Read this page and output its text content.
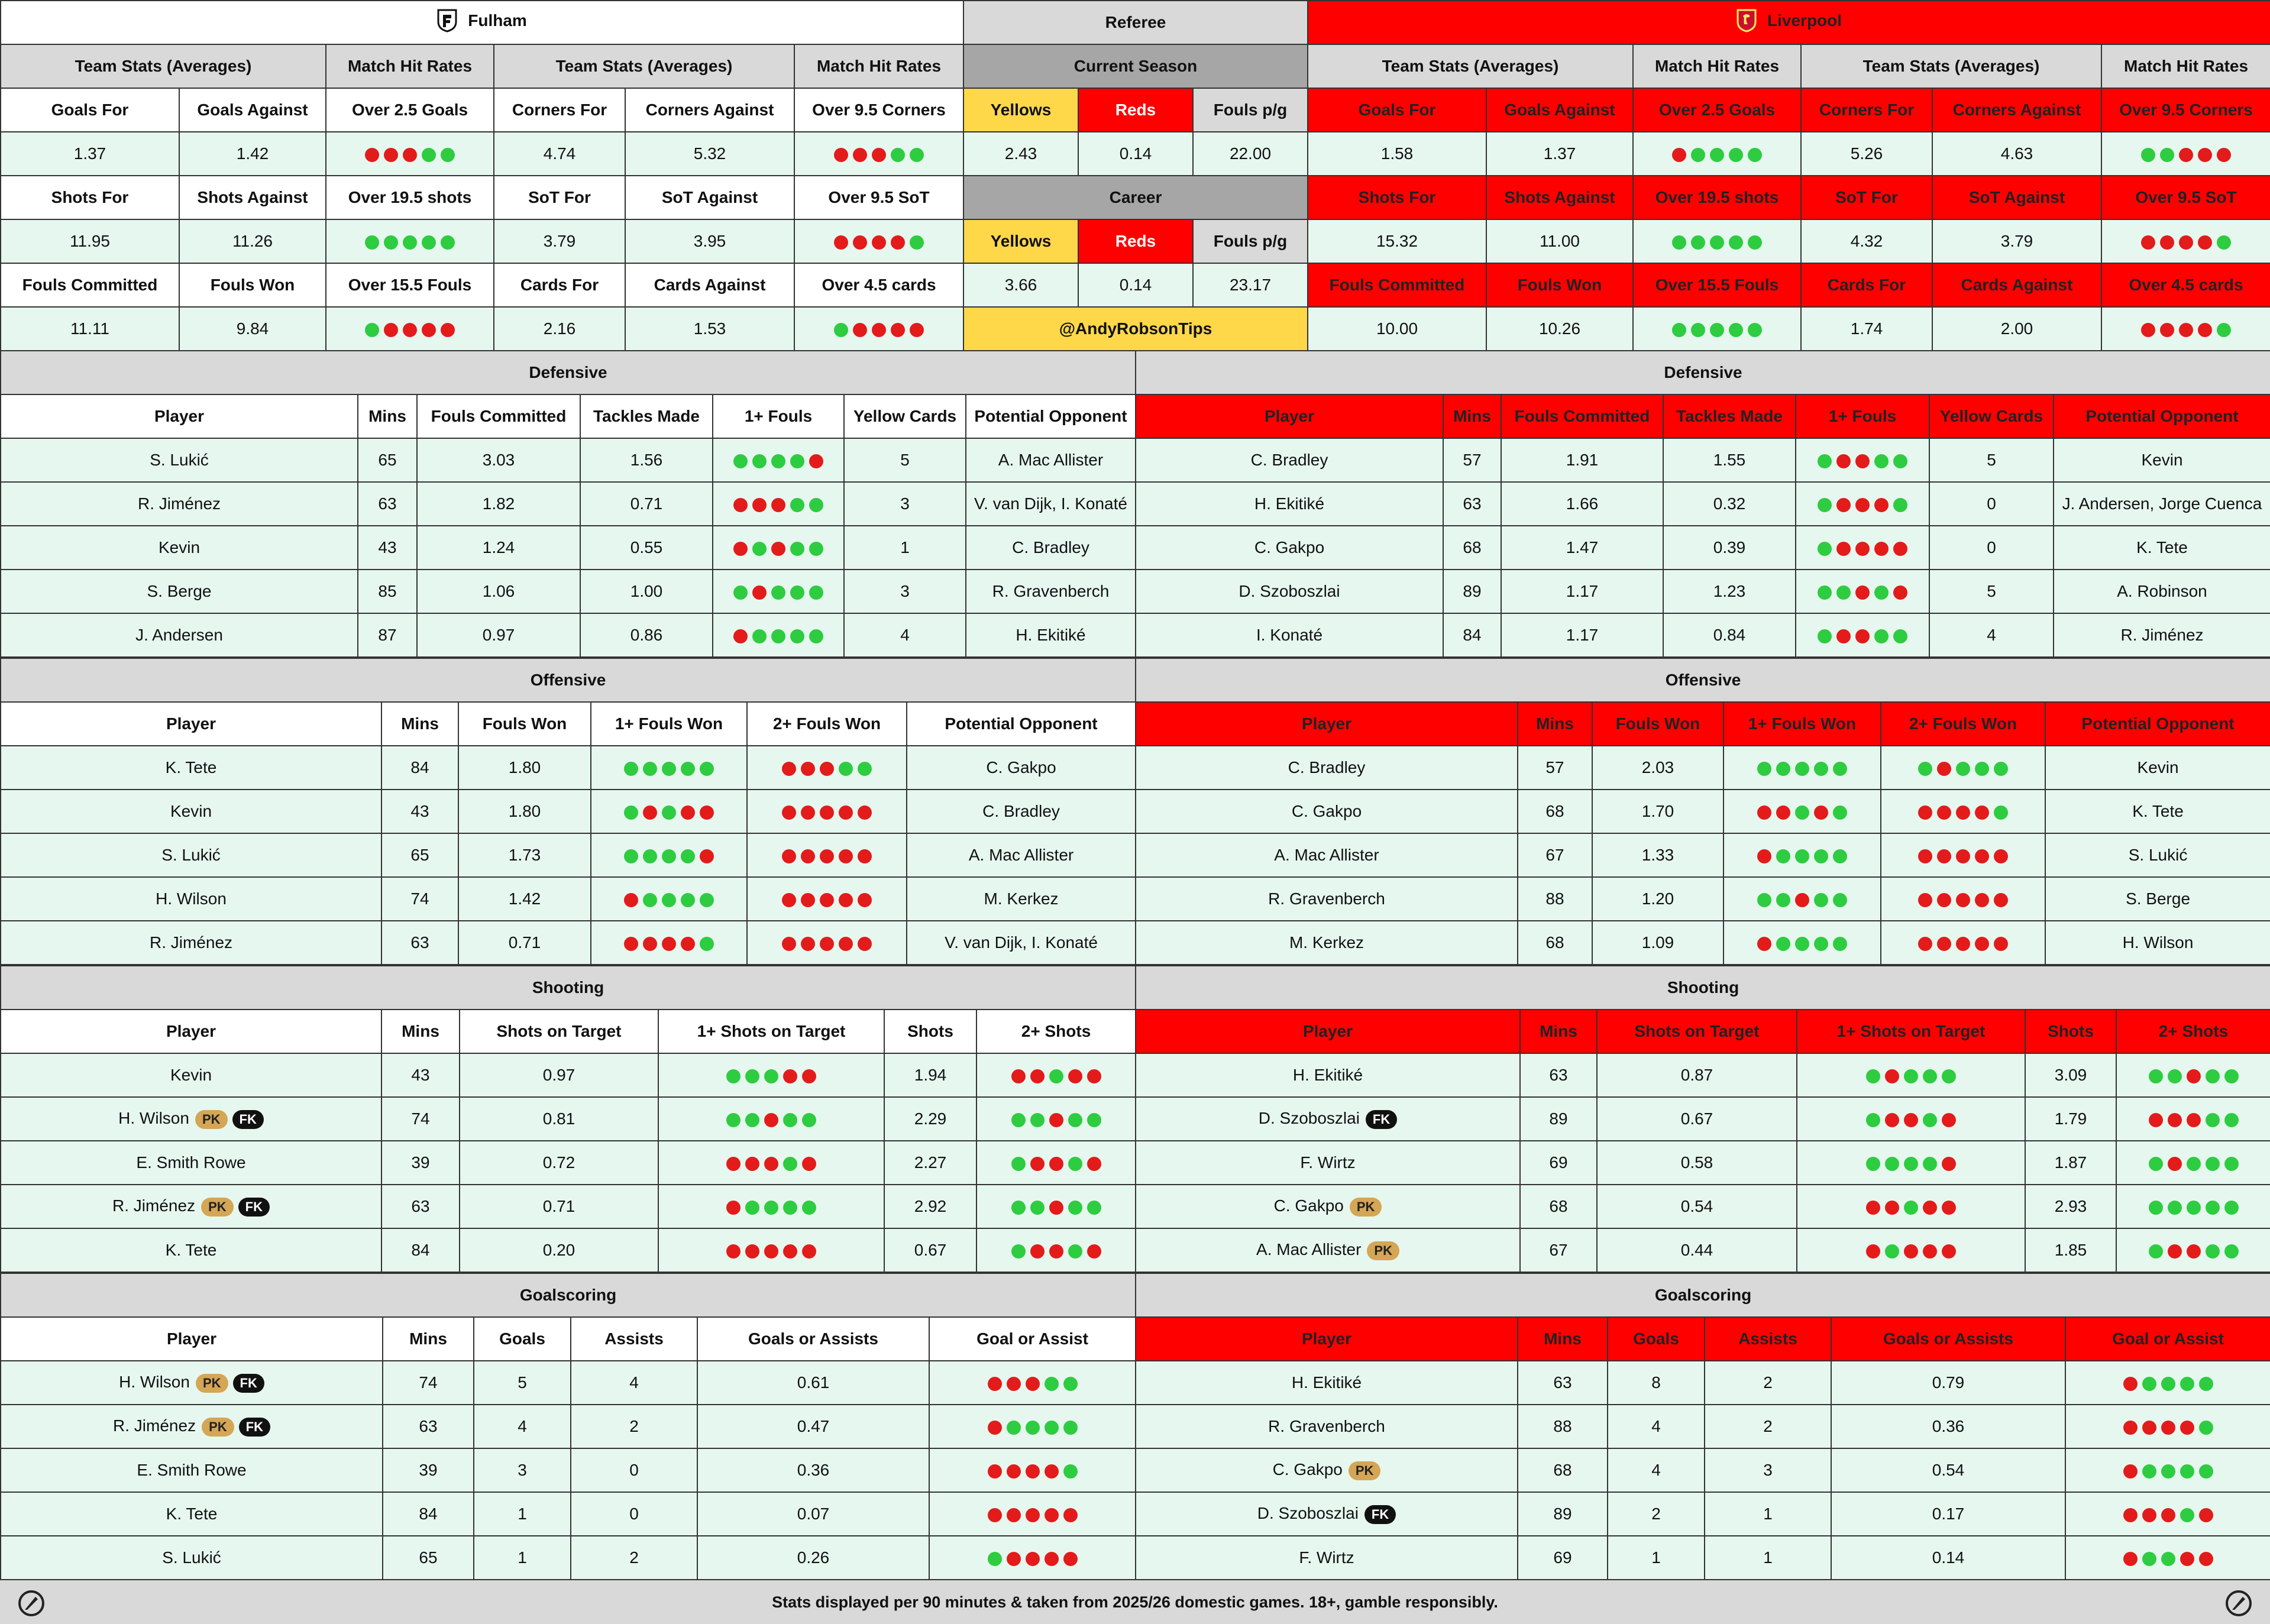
Fulham					

Team Stats (Averages)		Match Hit Rates	Team Stats (Averages)		Match Hit Rates
Goals For	Goals Against	Over 2.5 Goals	Corners For	Corners Against	Over 9.5 Corners
1.37	1.42		4.74	5.32	

Shots For	Shots Against	Over 19.5 shots	SoT For	SoT Against	Over 9.5 SoT
11.95	11.26		3.79	3.95	

Fouls Committed	Fouls Won	Over 15.5 Fouls	Cards For	Cards Against	Over 4.5 cards
11.11	9.84		2.16	1.53	
Referee		
Current Season		
Yellows	Reds	Fouls p/g
2.43	0.14	22.00
Career		
Yellows	Reds	Fouls p/g
3.66	0.14	23.17
@AndyRobsonTips		
Liverpool					

Team Stats (Averages)		Match Hit Rates	Team Stats (Averages)		Match Hit Rates
Goals For	Goals Against	Over 2.5 Goals	Corners For	Corners Against	Over 9.5 Corners
1.58	1.37		5.26	4.63	

Shots For	Shots Against	Over 19.5 shots	SoT For	SoT Against	Over 9.5 SoT
15.32	11.00		4.32	3.79	

Fouls Committed	Fouls Won	Over 15.5 Fouls	Cards For	Cards Against	Over 4.5 cards
10.00	10.26		1.74	2.00	
Defensive						
Player	Mins	Fouls Committed	Tackles Made	1+ Fouls	Yellow Cards	Potential Opponent
S. Lukić	65	3.03	1.56		5	A. Mac Allister
R. Jiménez	63	1.82	0.71		3	V. van Dijk, I. Konaté
Kevin	43	1.24	0.55		1	C. Bradley
S. Berge	85	1.06	1.00		3	R. Gravenberch
J. Andersen	87	0.97	0.86		4	H. Ekitiké
Defensive						
Player	Mins	Fouls Committed	Tackles Made	1+ Fouls	Yellow Cards	Potential Opponent
C. Bradley	57	1.91	1.55		5	Kevin
H. Ekitiké	63	1.66	0.32		0	J. Andersen, Jorge Cuenca
C. Gakpo	68	1.47	0.39		0	K. Tete
D. Szoboszlai	89	1.17	1.23		5	A. Robinson
I. Konaté	84	1.17	0.84		4	R. Jiménez
Offensive					
Player	Mins	Fouls Won	1+ Fouls Won	2+ Fouls Won	Potential Opponent
K. Tete	84	1.80			C. Gakpo
Kevin	43	1.80			C. Bradley
S. Lukić	65	1.73			A. Mac Allister
H. Wilson	74	1.42			M. Kerkez
R. Jiménez	63	0.71			V. van Dijk, I. Konaté
Offensive					
Player	Mins	Fouls Won	1+ Fouls Won	2+ Fouls Won	Potential Opponent
C. Bradley	57	2.03			Kevin
C. Gakpo	68	1.70			K. Tete
A. Mac Allister	67	1.33			S. Lukić
R. Gravenberch	88	1.20			S. Berge
M. Kerkez	68	1.09			H. Wilson
Shooting					
Player	Mins	Shots on Target	1+ Shots on Target	Shots	2+ Shots
Kevin	43	0.97		1.94	

H. Wilson PK FK	74	0.81		2.29	

E. Smith Rowe	39	0.72		2.27	

R. Jiménez PK FK	63	0.71		2.92	

K. Tete	84	0.20		0.67	
Shooting					
Player	Mins	Shots on Target	1+ Shots on Target	Shots	2+ Shots
H. Ekitiké	63	0.87		3.09	

D. Szoboszlai FK	89	0.67		1.79	

F. Wirtz	69	0.58		1.87	

C. Gakpo PK	68	0.54		2.93	

A. Mac Allister PK	67	0.44		1.85	
Goalscoring					
Player	Mins	Goals	Assists	Goals or Assists	Goal or Assist
H. Wilson PK FK	74	5	4	0.61	

R. Jiménez PK FK	63	4	2	0.47	

E. Smith Rowe	39	3	0	0.36	

K. Tete	84	1	0	0.07	

S. Lukić	65	1	2	0.26	
Goalscoring					
Player	Mins	Goals	Assists	Goals or Assists	Goal or Assist
H. Ekitiké	63	8	2	0.79	

R. Gravenberch	88	4	2	0.36	

C. Gakpo PK	68	4	3	0.54	

D. Szoboszlai FK	89	2	1	0.17	

F. Wirtz	69	1	1	0.14	
Stats displayed per 90 minutes & taken from 2025/26 domestic games. 18+, gamble responsibly.
